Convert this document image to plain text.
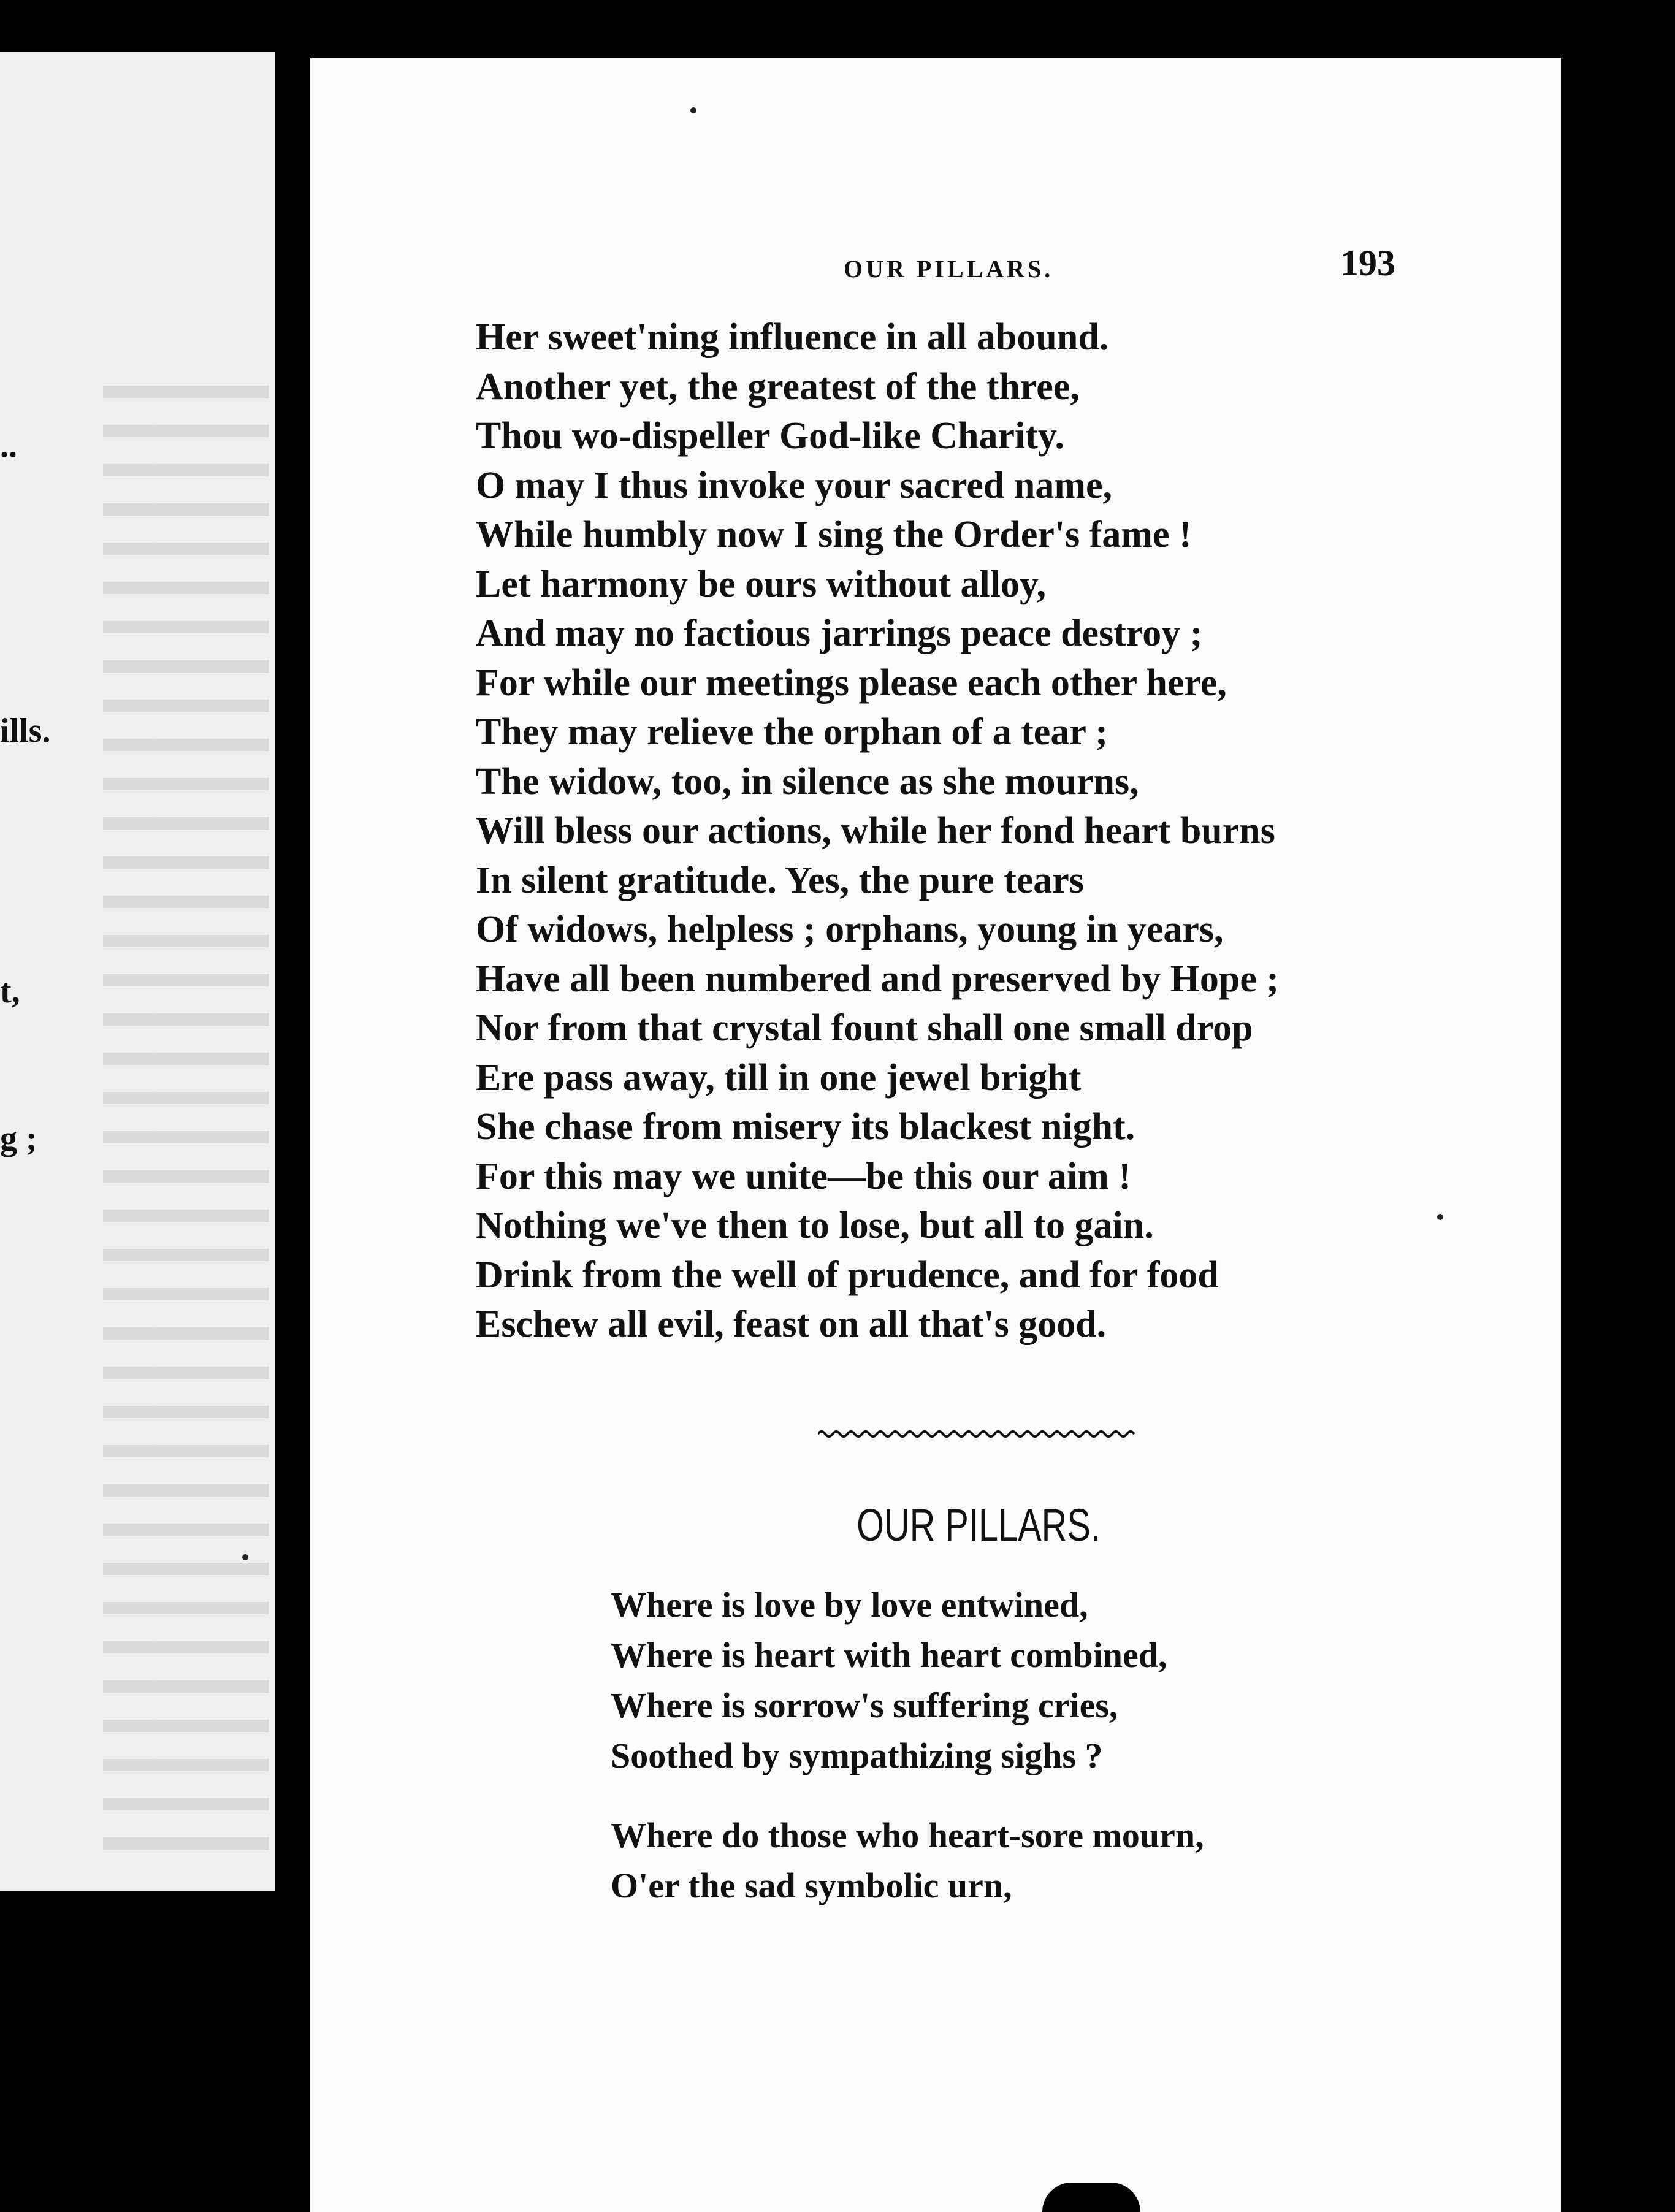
..
ills.
t,
g ;
OUR PILLARS.	193
Her sweet'ning influence in all abound.
Another yet, the greatest of the three,
Thou wo-dispeller God-like Charity.
O may I thus invoke your sacred name,
While humbly now I sing the Order's fame !
Let harmony be ours without alloy,
And may no factious jarrings peace destroy ;
For while our meetings please each other here,
They may relieve the orphan of a tear ;
The widow, too, in silence as she mourns,
Will bless our actions, while her fond heart burns
In silent gratitude. Yes, the pure tears
Of widows, helpless ; orphans, young in years,
Have all been numbered and preserved by Hope ;
Nor from that crystal fount shall one small drop
Ere pass away, till in one jewel bright
She chase from misery its blackest night.
For this may we unite—be this our aim !
Nothing we've then to lose, but all to gain.
Drink from the well of prudence, and for food
Eschew all evil, feast on all that's good.
OUR PILLARS.
Where is love by love entwined,
Where is heart with heart combined,
Where is sorrow's suffering cries,
Soothed by sympathizing sighs ?
Where do those who heart-sore mourn,
O'er the sad symbolic urn,
